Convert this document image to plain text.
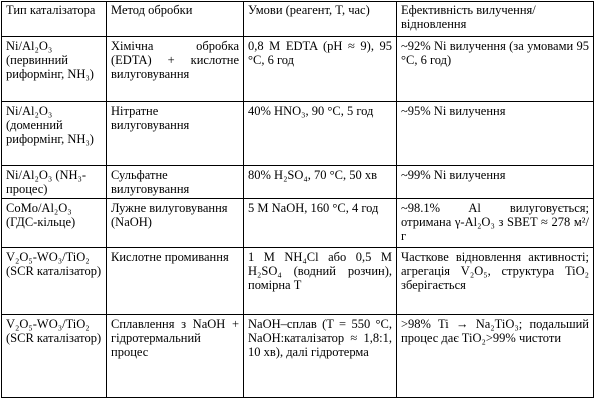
Тип каталізатора	Метод обробки	Умови (реагент, T, час)	Ефективність вилучення/відновлення
Ni/Al₂O₃ (первинний риформінг, NH₃)	Хімічна обробка (EDTA) + кислотне вилуговування	0,8 М EDTA (pH ≈ 9), 95 °C, 6 год	~92% Ni вилучення (за умовами 95 °C, 6 год)
Ni/Al₂O₃ (доменний риформінг, NH₃)	Нітратне вилуговування	40% HNO₃, 90 °C, 5 год	~95% Ni вилучення
Ni/Al₂O₃ (NH₃-процес)	Сульфатне вилуговування	80% H₂SO₄, 70 °C, 50 хв	~99% Ni вилучення
CoMo/Al₂O₃ (ГДС-кільце)	Лужне вилуговування (NaOH)	5 М NaOH, 160 °C, 4 год	~98.1% Al вилуговується; отримана γ-Al₂O₃ з SBET ≈ 278 м²/г
V₂O₅-WO₃/TiO₂ (SCR каталізатор)	Кислотне промивання	1 М NH₄Cl або 0,5 М H₂SO₄ (водний розчин), помірна T	Часткове відновлення активності; агрегація V₂O₅, структура TiO₂ зберігається
V₂O₅-WO₃/TiO₂ (SCR каталізатор)	Сплавлення з NaOH + гідротермальний процес	NaOH–сплав (T = 550 °C, NaOH:каталізатор ≈ 1,8:1, 10 хв), далі гідротерма	>98% Ti → Na₂TiO₃; подальший процес дає TiO₂>99% чистоти
